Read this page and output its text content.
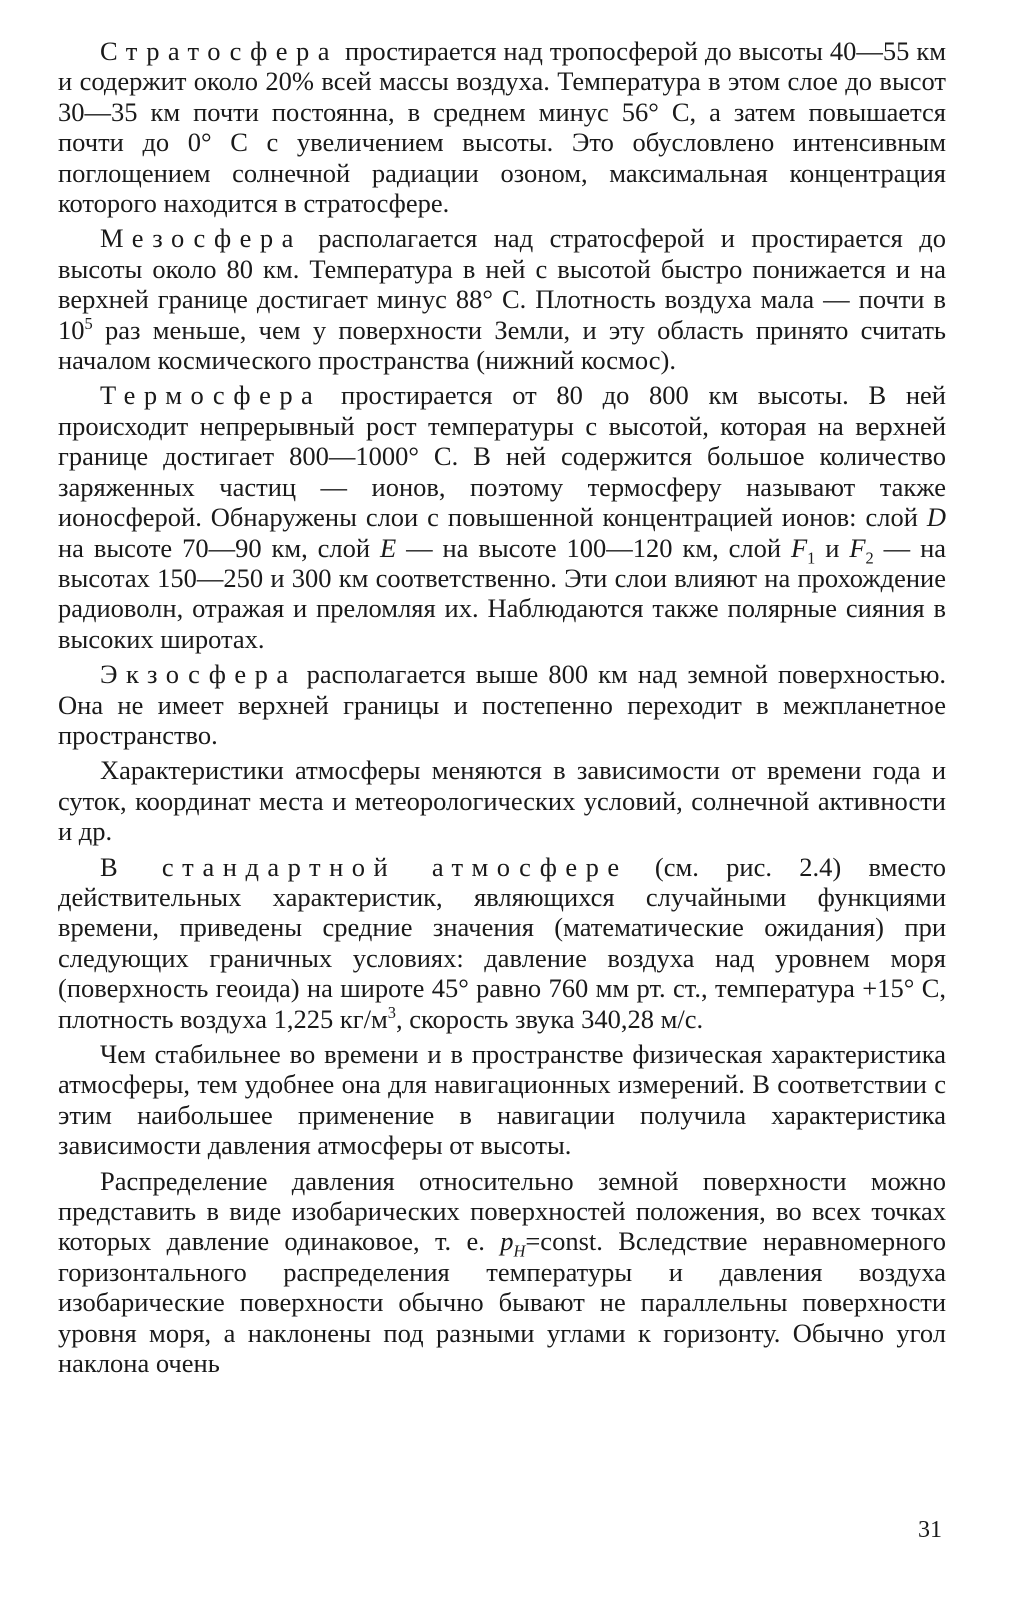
Стратосфера простирается над тропосферой до высоты 40—55 км и содержит около 20% всей массы воздуха. Температура в этом слое до высот 30—35 км почти постоянна, в среднем минус 56° С, а затем повышается почти до 0° С с увеличением высоты. Это обусловлено интенсивным поглощением солнечной радиации озоном, максимальная концентрация которого находится в стратосфере.

Мезосфера располагается над стратосферой и простирается до высоты около 80 км. Температура в ней с высотой быстро понижается и на верхней границе достигает минус 88° С. Плотность воздуха мала — почти в $10^5$ раз меньше, чем у поверхности Земли, и эту область принято считать началом космического пространства (нижний космос).

Термосфера простирается от 80 до 800 км высоты. В ней происходит непрерывный рост температуры с высотой, которая на верхней границе достигает 800—1000° С. В ней содержится большое количество заряженных частиц — ионов, поэтому термосферу называют также ионосферой. Обнаружены слои с повышенной концентрацией ионов: слой D на высоте 70—90 км, слой E — на высоте 100—120 км, слой $F_1$ и $F_2$ — на высотах 150—250 и 300 км соответственно. Эти слои влияют на прохождение радиоволн, отражая и преломляя их. Наблюдаются также полярные сияния в высоких широтах.

Экзосфера располагается выше 800 км над земной поверхностью. Она не имеет верхней границы и постепенно переходит в межпланетное пространство.

Характеристики атмосферы меняются в зависимости от времени года и суток, координат места и метеорологических условий, солнечной активности и др.

В стандартной атмосфере (см. рис. 2.4) вместо действительных характеристик, являющихся случайными функциями времени, приведены средние значения (математические ожидания) при следующих граничных условиях: давление воздуха над уровнем моря (поверхность геоида) на широте 45° равно 760 мм рт. ст., температура +15° С, плотность воздуха 1,225 $кг/м^3$, скорость звука 340,28 м/с.

Чем стабильнее во времени и в пространстве физическая характеристика атмосферы, тем удобнее она для навигационных измерений. В соответствии с этим наибольшее применение в навигации получила характеристика зависимости давления атмосферы от высоты.

Распределение давления относительно земной поверхности можно представить в виде изобарических поверхностей положения, во всех точках которых давление одинаковое, т. е. $p_H=const$. Вследствие неравномерного горизонтального распределения температуры и давления воздуха изобарические поверхности обычно бывают не параллельны поверхности уровня моря, а наклонены под разными углами к горизонту. Обычно угол наклона очень

31
